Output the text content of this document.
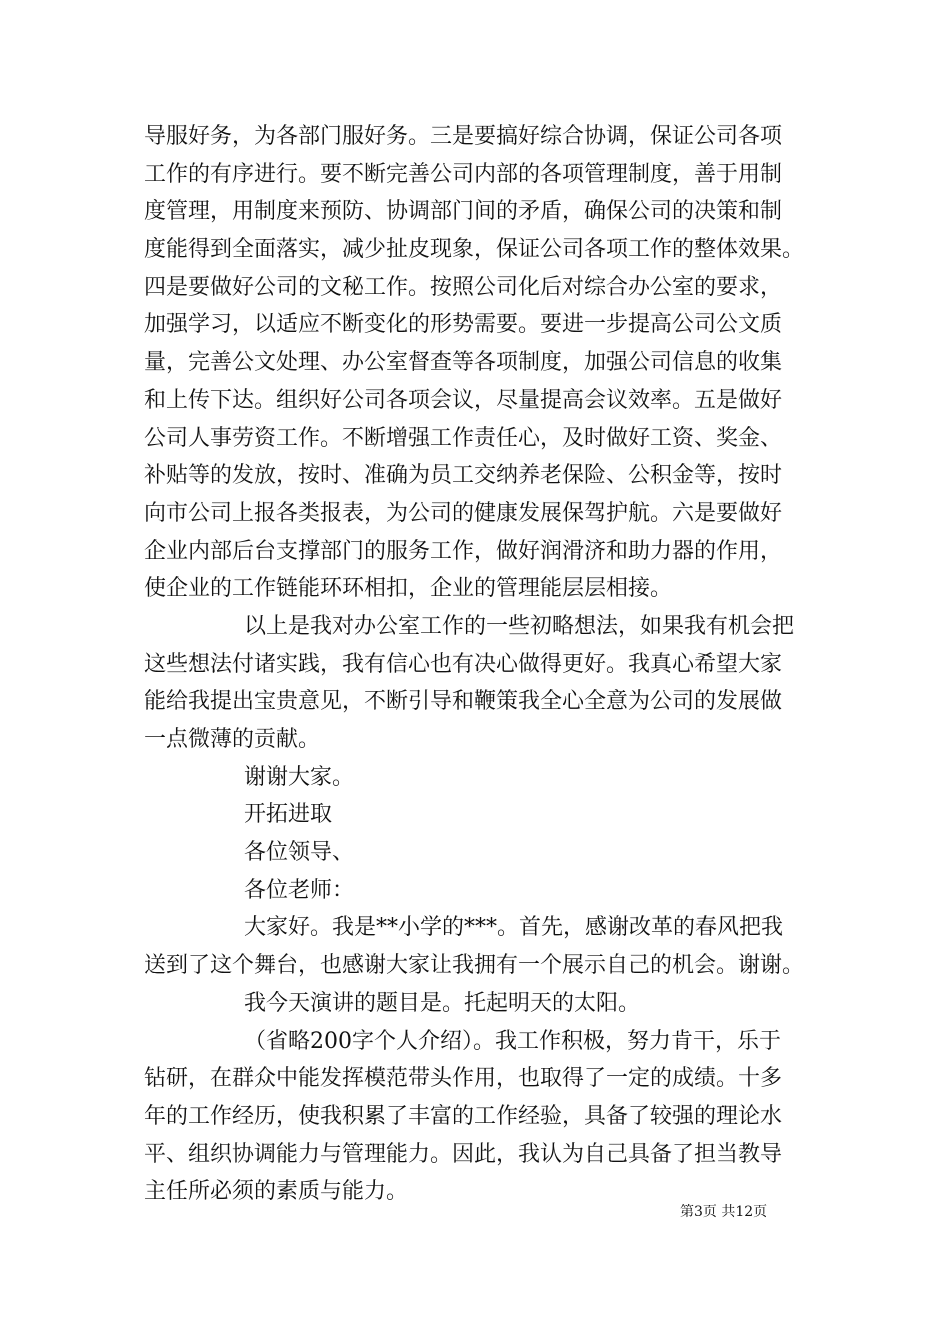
导服好务，为各部门服好务。三是要搞好综合协调，保证公司各项
工作的有序进行。要不断完善公司内部的各项管理制度，善于用制
度管理，用制度来预防、协调部门间的矛盾，确保公司的决策和制
度能得到全面落实，减少扯皮现象，保证公司各项工作的整体效果。
四是要做好公司的文秘工作。按照公司化后对综合办公室的要求，
加强学习，以适应不断变化的形势需要。要进一步提高公司公文质
量，完善公文处理、办公室督查等各项制度，加强公司信息的收集
和上传下达。组织好公司各项会议，尽量提高会议效率。五是做好
公司人事劳资工作。不断增强工作责任心，及时做好工资、奖金、
补贴等的发放，按时、准确为员工交纳养老保险、公积金等，按时
向市公司上报各类报表，为公司的健康发展保驾护航。六是要做好
企业内部后台支撑部门的服务工作，做好润滑济和助力器的作用，
使企业的工作链能环环相扣，企业的管理能层层相接。
以上是我对办公室工作的一些初略想法，如果我有机会把
这些想法付诸实践，我有信心也有决心做得更好。我真心希望大家
能给我提出宝贵意见，不断引导和鞭策我全心全意为公司的发展做
一点微薄的贡献。
谢谢大家。
开拓进取
各位领导、
各位老师：
大家好。我是**小学的***。首先，感谢改革的春风把我
送到了这个舞台，也感谢大家让我拥有一个展示自己的机会。谢谢。
我今天演讲的题目是。托起明天的太阳。
（省略200字个人介绍）。我工作积极，努力肯干，乐于
钻研，在群众中能发挥模范带头作用，也取得了一定的成绩。十多
年的工作经历，使我积累了丰富的工作经验，具备了较强的理论水
平、组织协调能力与管理能力。因此，我认为自己具备了担当教导
主任所必须的素质与能力。
第3页 共12页
